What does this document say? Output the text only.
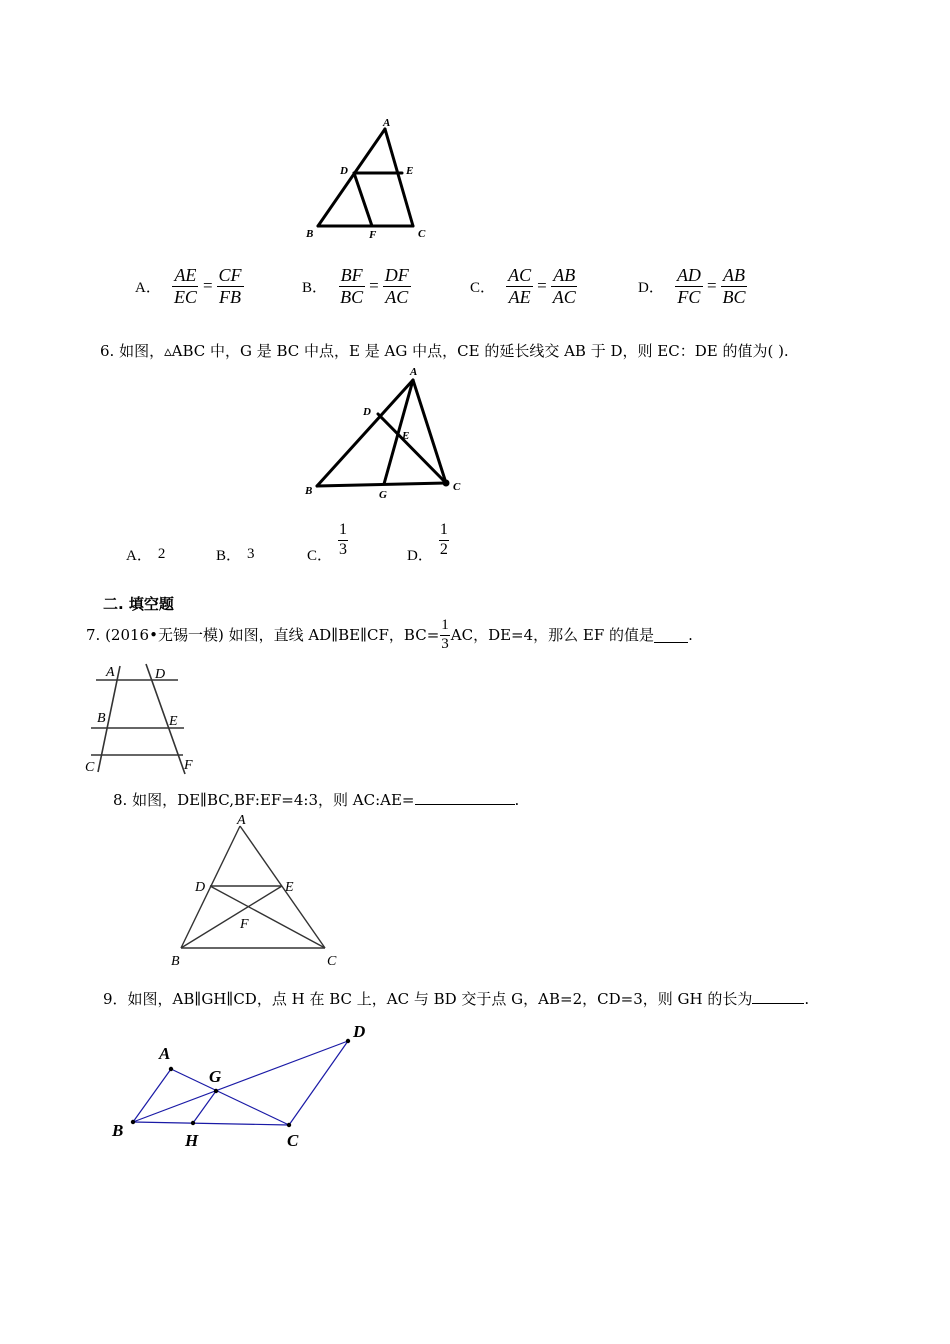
A
D	E
B	F	C
A． $\frac{AE}{EC} = \frac{CF}{FB}$	B． $\frac{BF}{BC} = \frac{DF}{AC}$	C． $\frac{AC}{AE} = \frac{AB}{AC}$	D． $\frac{AD}{FC} = \frac{AB}{BC}$
6. 如图，▵ABC 中，G 是 BC 中点，E 是 AG 中点，CE 的延长线交 AB 于 D，则 EC：DE 的值为( ).
A
D
E
B	G
C
A． 2	B． 3	C． $\frac{1}{3}$	D． $\frac{1}{2}$
二. 填空题
7. (2016•无锡一模) 如图，直线 AD∥BE∥CF，$BC= \frac{1}{3}$ AC，DE=4，那么 EF 的值是 .
A	D
B	E
C	F
8. 如图，DE∥BC,BF:EF=4:3，则 AC:AE=	.
A
D	E
F
B	C
9．如图，AB∥GH∥CD，点 H 在 BC 上，AC 与 BD 交于点 G，AB=2，CD=3，则 GH 的长为	.
A
G
D
B
H	C
